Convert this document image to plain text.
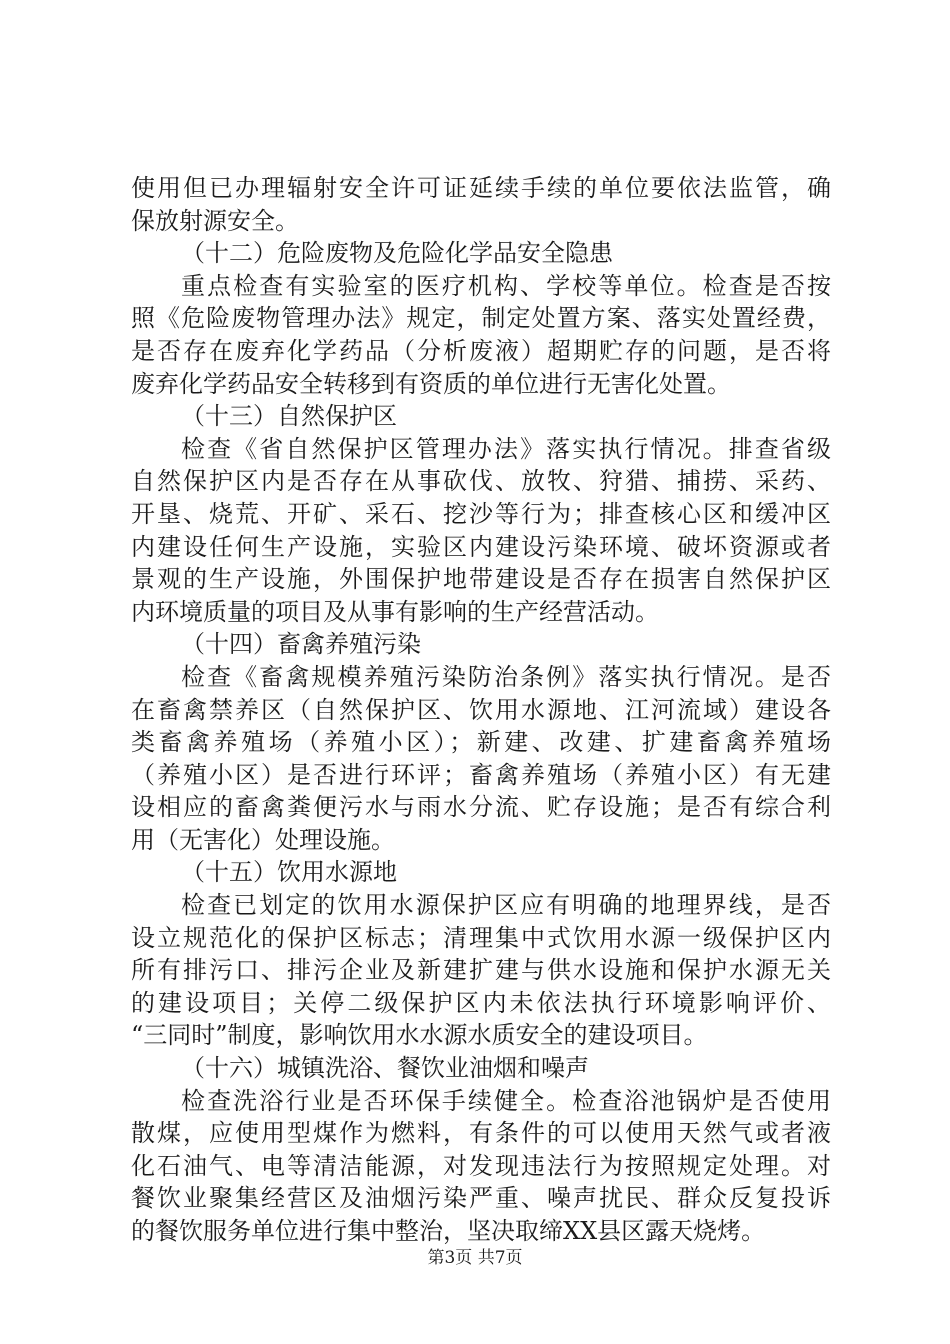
使用但已办理辐射安全许可证延续手续的单位要依法监管，确
保放射源安全。
（十二）危险废物及危险化学品安全隐患
重点检查有实验室的医疗机构、学校等单位。检查是否按
照《危险废物管理办法》规定，制定处置方案、落实处置经费，
是否存在废弃化学药品（分析废液）超期贮存的问题，是否将
废弃化学药品安全转移到有资质的单位进行无害化处置。
（十三）自然保护区
检查《省自然保护区管理办法》落实执行情况。排查省级
自然保护区内是否存在从事砍伐、放牧、狩猎、捕捞、采药、
开垦、烧荒、开矿、采石、挖沙等行为；排查核心区和缓冲区
内建设任何生产设施，实验区内建设污染环境、破坏资源或者
景观的生产设施，外围保护地带建设是否存在损害自然保护区
内环境质量的项目及从事有影响的生产经营活动。
（十四）畜禽养殖污染
检查《畜禽规模养殖污染防治条例》落实执行情况。是否
在畜禽禁养区（自然保护区、饮用水源地、江河流域）建设各
类畜禽养殖场（养殖小区）；新建、改建、扩建畜禽养殖场
（养殖小区）是否进行环评；畜禽养殖场（养殖小区）有无建
设相应的畜禽粪便污水与雨水分流、贮存设施；是否有综合利
用（无害化）处理设施。
（十五）饮用水源地
检查已划定的饮用水源保护区应有明确的地理界线，是否
设立规范化的保护区标志；清理集中式饮用水源一级保护区内
所有排污口、排污企业及新建扩建与供水设施和保护水源无关
的建设项目；关停二级保护区内未依法执行环境影响评价、
“三同时”制度，影响饮用水水源水质安全的建设项目。
（十六）城镇洗浴、餐饮业油烟和噪声
检查洗浴行业是否环保手续健全。检查浴池锅炉是否使用
散煤，应使用型煤作为燃料，有条件的可以使用天然气或者液
化石油气、电等清洁能源，对发现违法行为按照规定处理。对
餐饮业聚集经营区及油烟污染严重、噪声扰民、群众反复投诉
的餐饮服务单位进行集中整治，坚决取缔XX县区露天烧烤。
第3页 共7页
